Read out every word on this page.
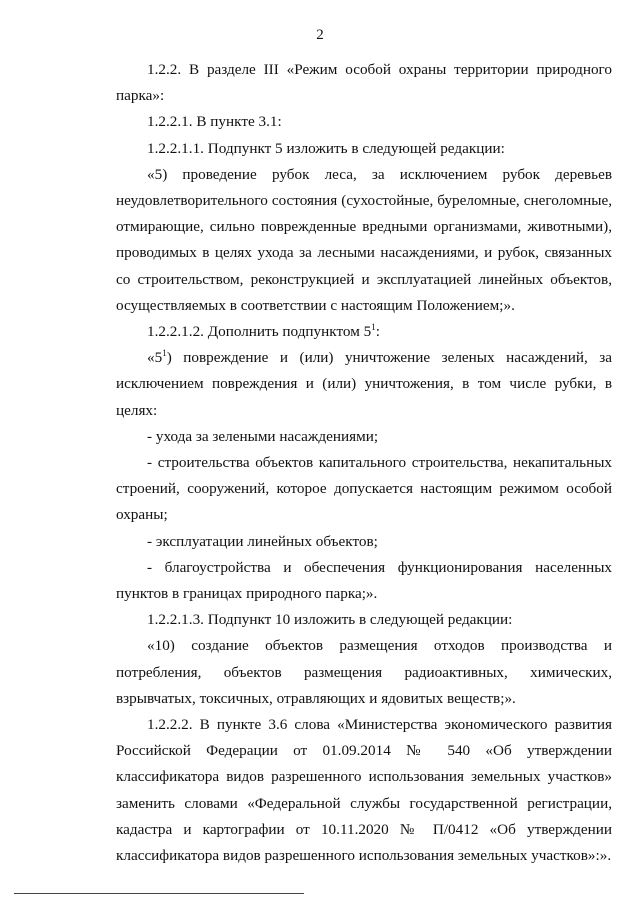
2

1.2.2. В разделе III «Режим особой охраны территории природного парка»:

1.2.2.1. В пункте 3.1:

1.2.2.1.1. Подпункт 5 изложить в следующей редакции:

«5) проведение рубок леса, за исключением рубок деревьев неудовлетворительного состояния (сухостойные, буреломные, снеголомные, отмирающие, сильно поврежденные вредными организмами, животными), проводимых в целях ухода за лесными насаждениями, и рубок, связанных со строительством, реконструкцией и эксплуатацией линейных объектов, осуществляемых в соответствии с настоящим Положением;».

1.2.2.1.2. Дополнить подпунктом $5^1$:

«$5^1$) повреждение и (или) уничтожение зеленых насаждений, за исключением повреждения и (или) уничтожения, в том числе рубки, в целях:

- ухода за зелеными насаждениями;

- строительства объектов капитального строительства, некапитальных строений, сооружений, которое допускается настоящим режимом особой охраны;

- эксплуатации линейных объектов;

- благоустройства и обеспечения функционирования населенных пунктов в границах природного парка;».

1.2.2.1.3. Подпункт 10 изложить в следующей редакции:

«10) создание объектов размещения отходов производства и потребления, объектов размещения радиоактивных, химических, взрывчатых, токсичных, отравляющих и ядовитых веществ;».

1.2.2.2. В пункте 3.6 слова «Министерства экономического развития Российской Федерации от 01.09.2014 № 540 «Об утверждении классификатора видов разрешенного использования земельных участков» заменить словами «Федеральной службы государственной регистрации, кадастра и картографии от 10.11.2020 № П/0412 «Об утверждении классификатора видов разрешенного использования земельных участков»:».
